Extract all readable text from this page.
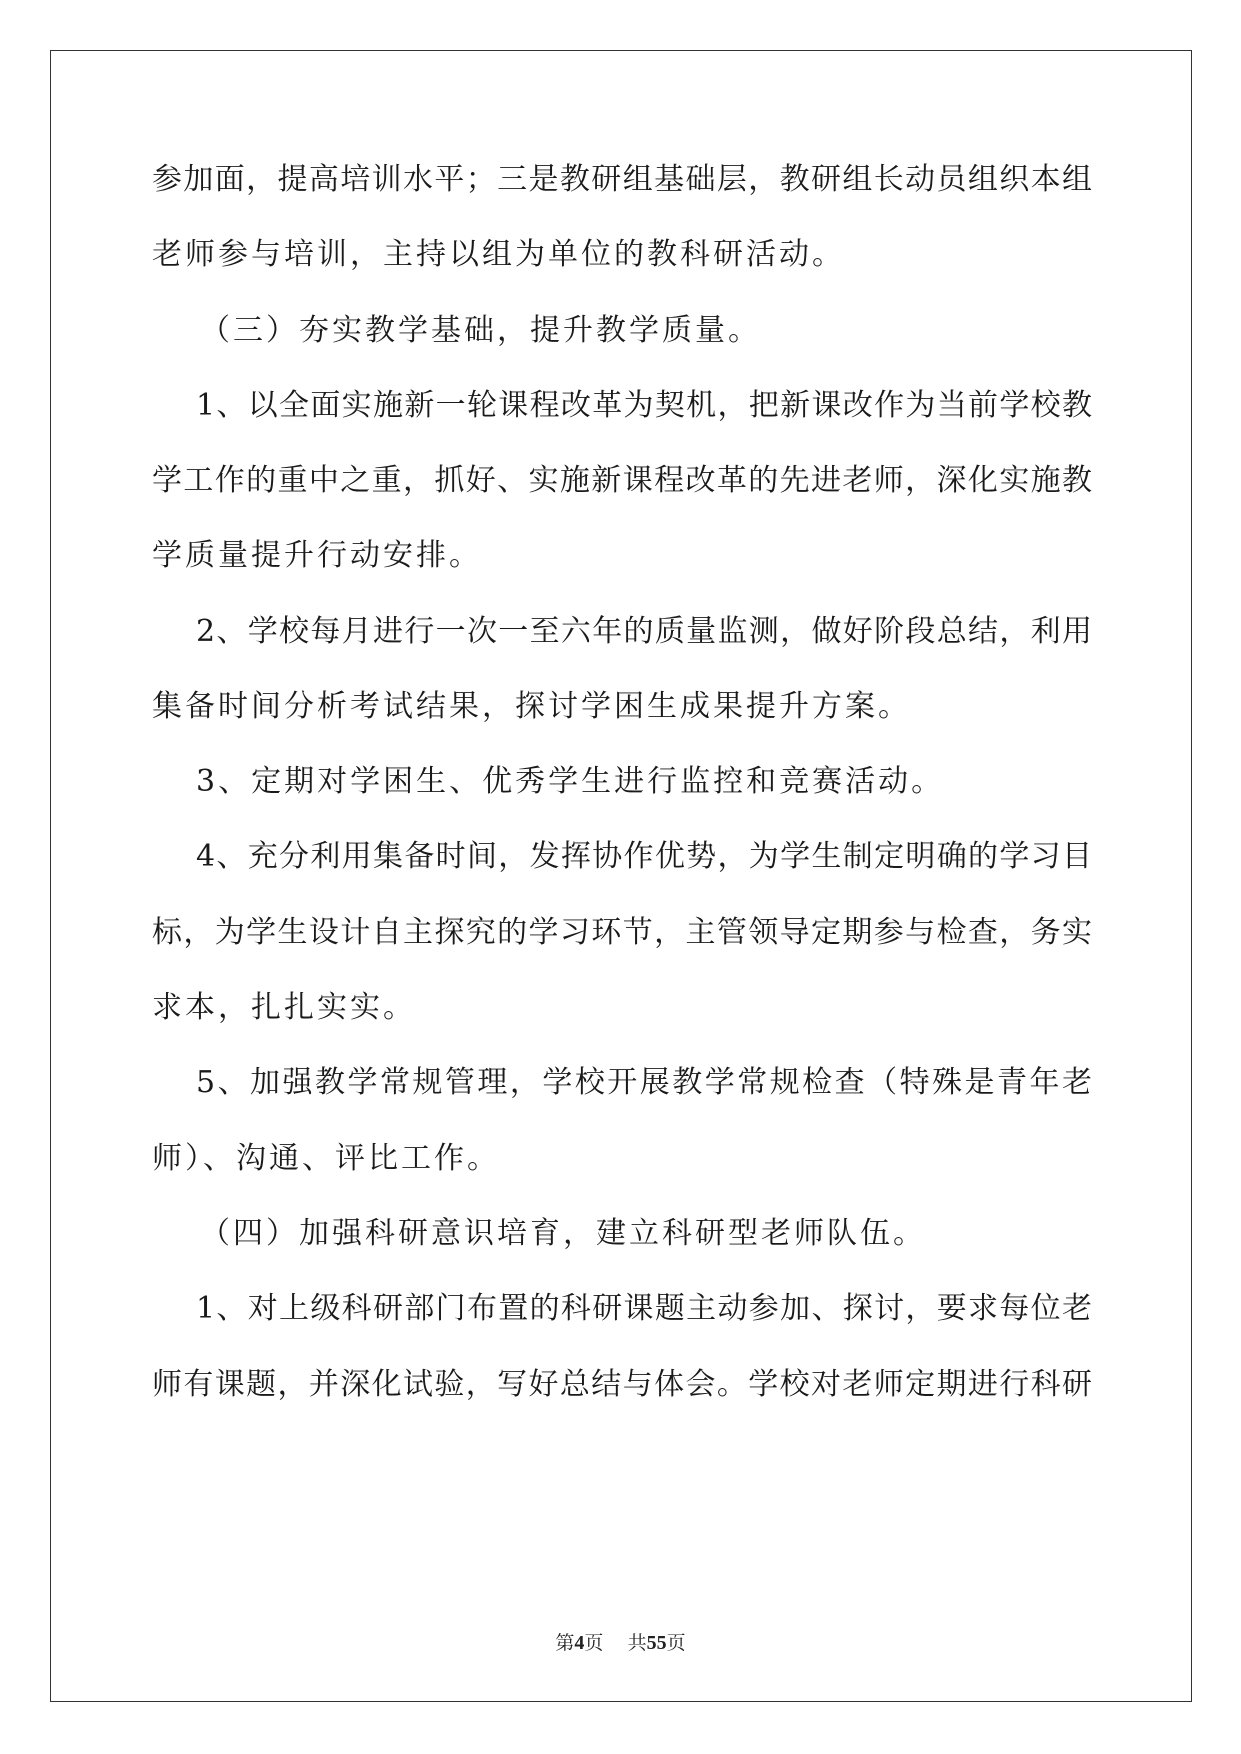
参加面，提高培训水平；三是教研组基础层，教研组长动员组织本组

老师参与培训，主持以组为单位的教科研活动。

（三）夯实教学基础，提升教学质量。

1、以全面实施新一轮课程改革为契机，把新课改作为当前学校教

学工作的重中之重，抓好、实施新课程改革的先进老师，深化实施教

学质量提升行动安排。

2、学校每月进行一次一至六年的质量监测，做好阶段总结，利用

集备时间分析考试结果，探讨学困生成果提升方案。

3、定期对学困生、优秀学生进行监控和竞赛活动。

4、充分利用集备时间，发挥协作优势，为学生制定明确的学习目

标，为学生设计自主探究的学习环节，主管领导定期参与检查，务实

求本，扎扎实实。

5、加强教学常规管理，学校开展教学常规检查（特殊是青年老

师）、沟通、评比工作。

（四）加强科研意识培育，建立科研型老师队伍。

1、对上级科研部门布置的科研课题主动参加、探讨，要求每位老

师有课题，并深化试验，写好总结与体会。学校对老师定期进行科研

第4页 共55页
